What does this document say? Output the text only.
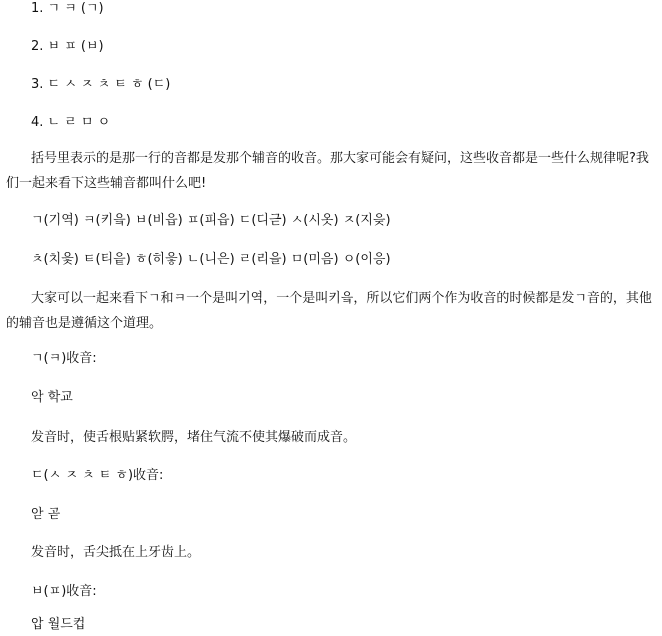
1. ㄱ ㅋ (ㄱ)
2. ㅂ ㅍ (ㅂ)
3. ㄷ ㅅ ㅈ ㅊ ㅌ ㅎ (ㄷ)
4. ㄴ ㄹ ㅁ ㅇ
括号里表示的是那一行的音都是发那个辅音的收音。那大家可能会有疑问，这些收音都是一些什么规律呢?我们一起来看下这些辅音都叫什么吧!
ㄱ(기역) ㅋ(키읔) ㅂ(비읍) ㅍ(피읍) ㄷ(디귿) ㅅ(시옷) ㅈ(지읒)
ㅊ(치읓) ㅌ(티읕) ㅎ(히읗) ㄴ(니은) ㄹ(리을) ㅁ(미음) ㅇ(이응)
大家可以一起来看下ㄱ和ㅋ一个是叫기역，一个是叫키읔，所以它们两个作为收音的时候都是发ㄱ音的，其他的辅音也是遵循这个道理。
ㄱ(ㅋ)收音:
악 학교
发音时，使舌根贴紧软腭，堵住气流不使其爆破而成音。
ㄷ(ㅅ ㅈ ㅊ ㅌ ㅎ)收音:
앋 곧
发音时，舌尖抵在上牙齿上。
ㅂ(ㅍ)收音:
압 월드컵
